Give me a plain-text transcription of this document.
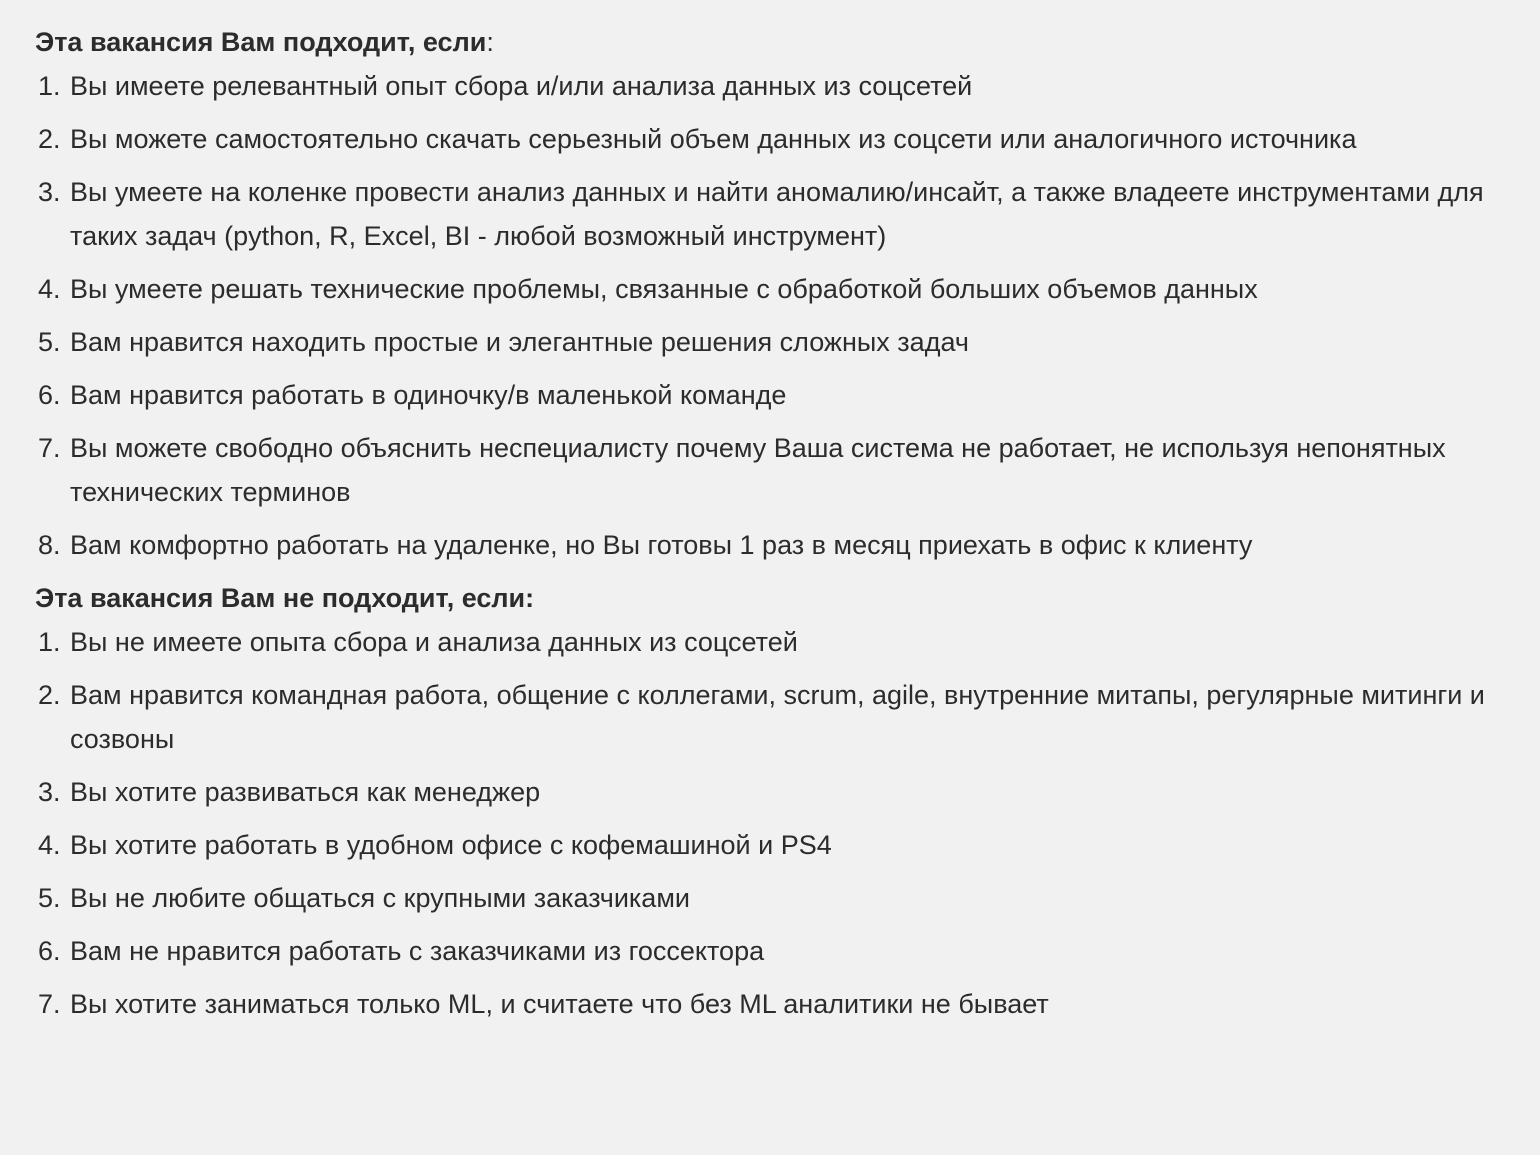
Эта вакансия Вам подходит, если:
1. Вы имеете релевантный опыт сбора и/или анализа данных из соцсетей
2. Вы можете самостоятельно скачать серьезный объем данных из соцсети или аналогичного источника
3. Вы умеете на коленке провести анализ данных и найти аномалию/инсайт, а также владеете инструментами для таких задач (python, R, Excel, BI - любой возможный инструмент)
4. Вы умеете решать технические проблемы, связанные с обработкой больших объемов данных
5. Вам нравится находить простые и элегантные решения сложных задач
6. Вам нравится работать в одиночку/в маленькой команде
7. Вы можете свободно объяснить неспециалисту почему Ваша система не работает, не используя непонятных технических терминов
8. Вам комфортно работать на удаленке, но Вы готовы 1 раз в месяц приехать в офис к клиенту
Эта вакансия Вам не подходит, если:
1. Вы не имеете опыта сбора и анализа данных из соцсетей
2. Вам нравится командная работа, общение с коллегами, scrum, agile, внутренние митапы, регулярные митинги и созвоны
3. Вы хотите развиваться как менеджер
4. Вы хотите работать в удобном офисе с кофемашиной и PS4
5. Вы не любите общаться с крупными заказчиками
6. Вам не нравится работать с заказчиками из госсектора
7. Вы хотите заниматься только ML, и считаете что без ML аналитики не бывает
